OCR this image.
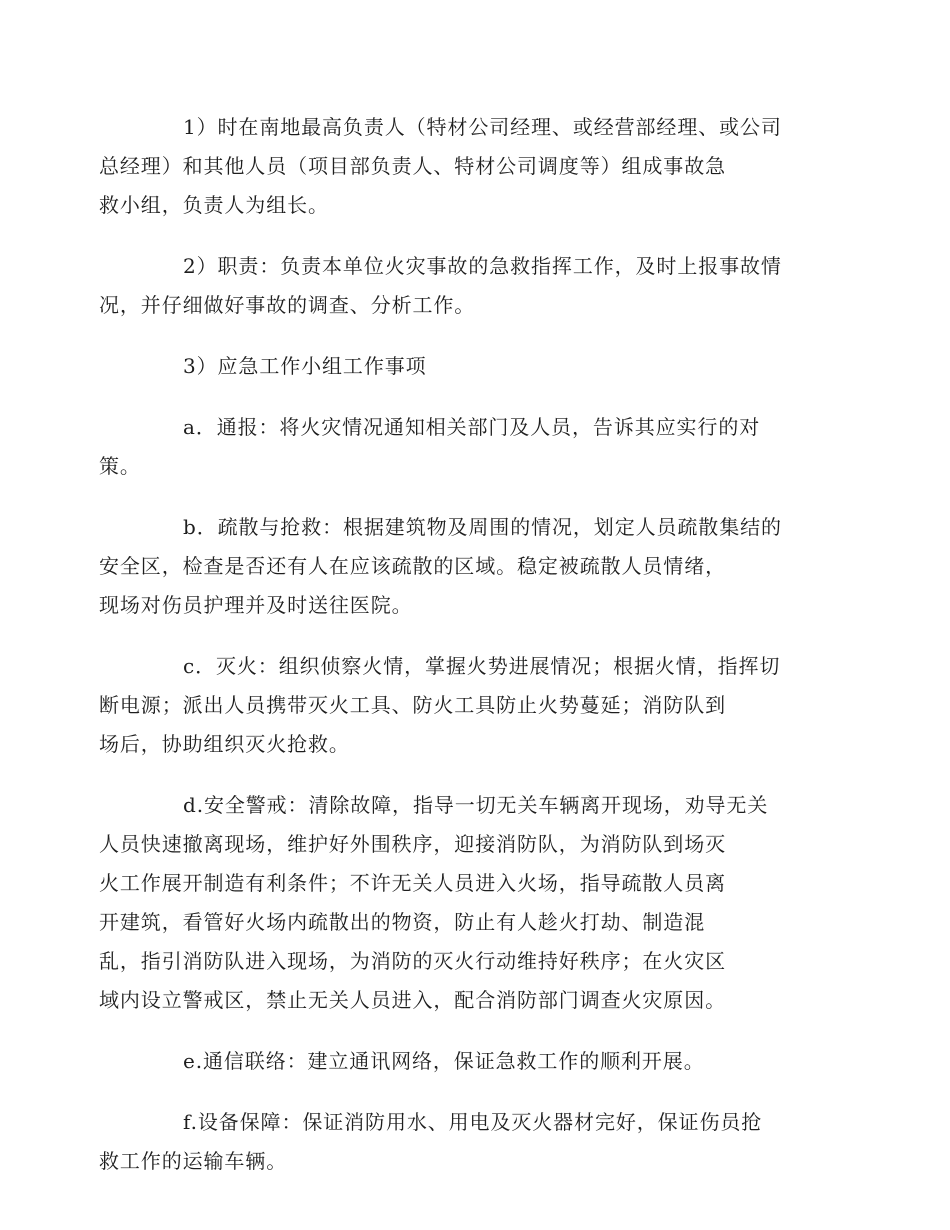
1）时在南地最高负责人（特材公司经理、或经营部经理、或公司
总经理）和其他人员（项目部负责人、特材公司调度等）组成事故急
救小组，负责人为组长。

2）职责：负责本单位火灾事故的急救指挥工作，及时上报事故情
况，并仔细做好事故的调查、分析工作。

3）应急工作小组工作事项

a．通报：将火灾情况通知相关部门及人员，告诉其应实行的对
策。

b．疏散与抢救：根据建筑物及周围的情况，划定人员疏散集结的
安全区，检查是否还有人在应该疏散的区域。稳定被疏散人员情绪，
现场对伤员护理并及时送往医院。

c．灭火：组织侦察火情，掌握火势进展情况；根据火情，指挥切
断电源；派出人员携带灭火工具、防火工具防止火势蔓延；消防队到
场后，协助组织灭火抢救。

d.安全警戒：清除故障，指导一切无关车辆离开现场，劝导无关
人员快速撤离现场，维护好外围秩序，迎接消防队，为消防队到场灭
火工作展开制造有利条件；不许无关人员进入火场，指导疏散人员离
开建筑，看管好火场内疏散出的物资，防止有人趁火打劫、制造混
乱，指引消防队进入现场，为消防的灭火行动维持好秩序；在火灾区
域内设立警戒区，禁止无关人员进入，配合消防部门调查火灾原因。

e.通信联络：建立通讯网络，保证急救工作的顺利开展。

f.设备保障：保证消防用水、用电及灭火器材完好，保证伤员抢
救工作的运输车辆。
